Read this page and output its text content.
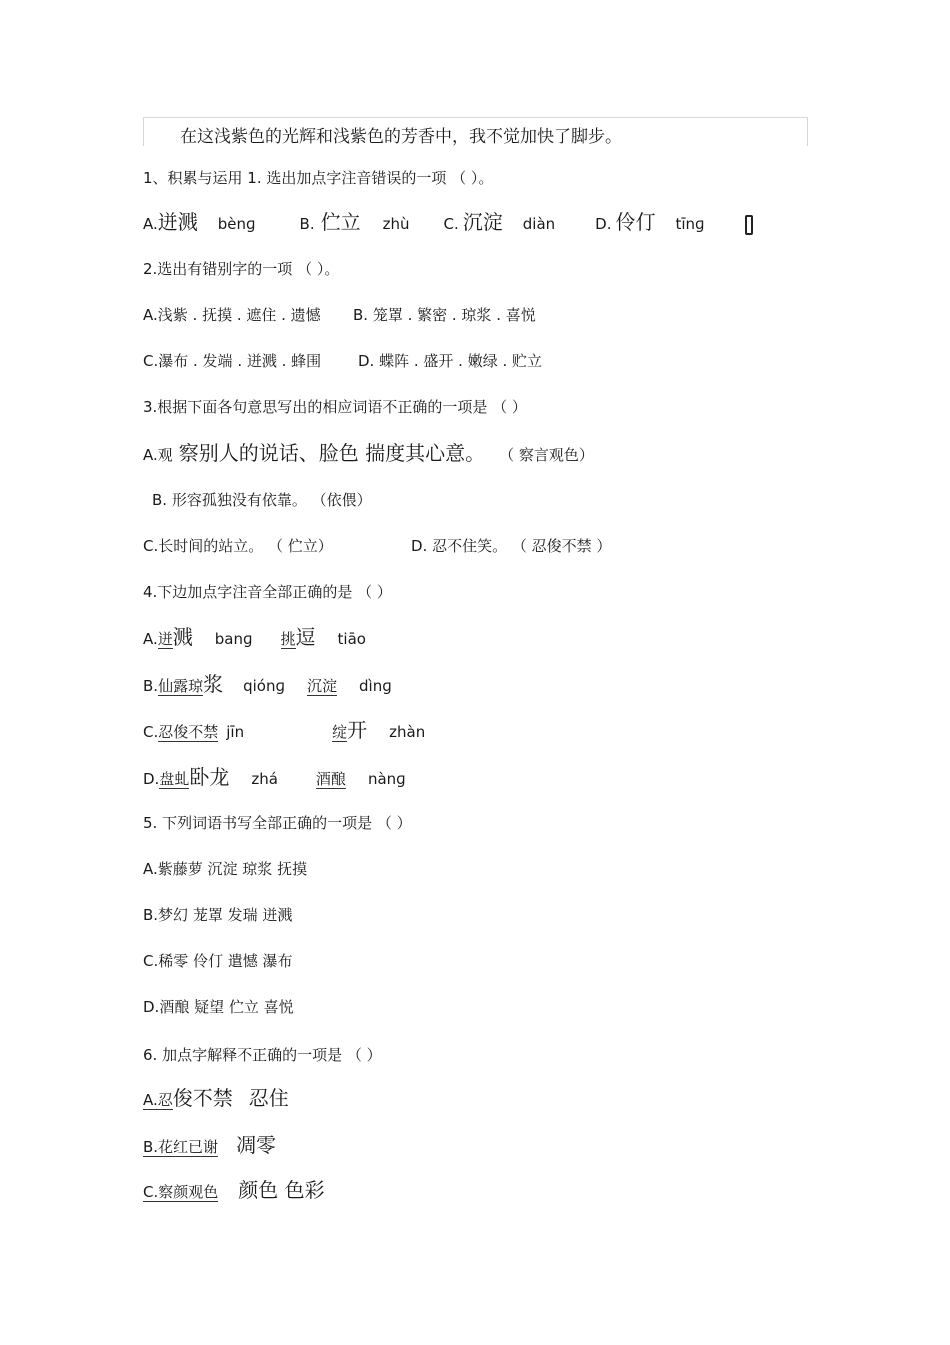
在这浅紫色的光辉和浅紫色的芳香中，我不觉加快了脚步。
1、积累与运用 1. 选出加点字注音错误的一项 （ ）。
A.迸溅 bènɡ	B. 伫立 zhù C. 沉淀 diàn	D. 伶仃 tīnɡ
2.选出有错别字的一项 （ ）。
A.浅紫 . 抚摸 . 遮住 . 遗憾 B. 笼罩 . 繁密 . 琼浆 . 喜悦
C.瀑布 . 发端 . 迸溅 . 蜂围 D. 蝶阵 . 盛开 . 嫩绿 . 贮立
3.根据下面各句意思写出的相应词语不正确的一项是 （ ）
A.观 察别人的说话、脸色 揣度其心意。 （ 察言观色）
B. 形容孤独没有依靠。 （依偎）
C.长时间的站立。 （ 伫立）	D. 忍不住笑。 （ 忍俊不禁 ）
4.下边加点字注音全部正确的是 （ ）
A.迸溅 banɡ 挑逗 tiāo
B.仙露琼浆 qiónɡ 沉淀 dìnɡ
C.忍俊不禁 jīn	绽开 zhàn
D.盘虬卧龙 zhá	酒酿 nànɡ
5. 下列词语书写全部正确的一项是 （ ）
A.紫藤萝 沉淀 琼浆 抚摸
B.梦幻 茏罩 发瑞 迸溅
C.稀零 伶仃 遣憾 瀑布
D.酒酿 疑望 伫立 喜悦
6. 加点字解释不正确的一项是 （ ）
A.忍俊不禁 忍住
B.花红已谢 凋零
C.察颜观色 颜色 色彩
